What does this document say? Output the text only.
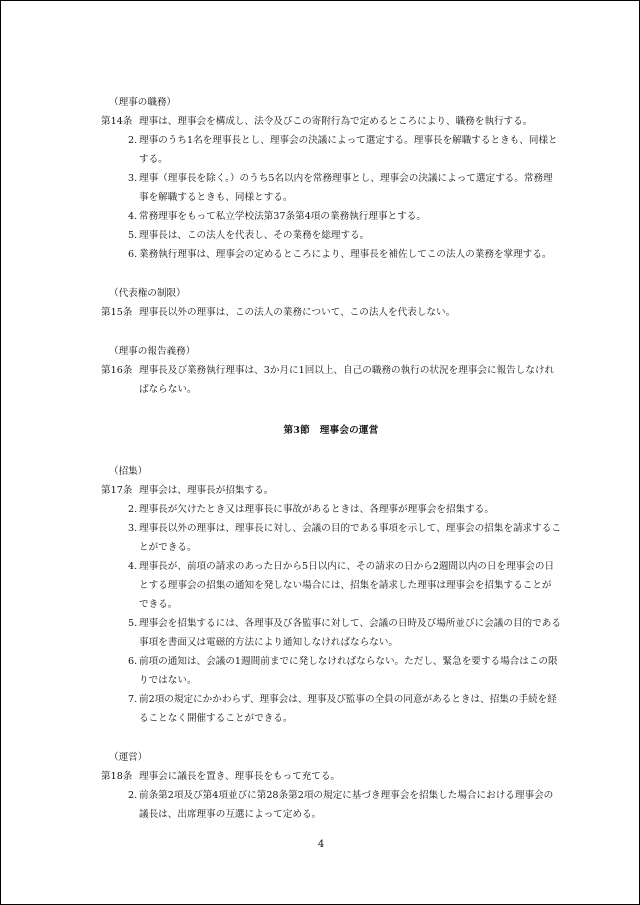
（理事の職務）
第14条 理事は、理事会を構成し、法令及びこの寄附行為で定めるところにより、職務を執行する。
2. 理事のうち1名を理事長とし、理事会の決議によって選定する。理事長を解職するときも、同様とする。
3. 理事（理事長を除く。）のうち5名以内を常務理事とし、理事会の決議によって選定する。常務理事を解職するときも、同様とする。
4. 常務理事をもって私立学校法第37条第4項の業務執行理事とする。
5. 理事長は、この法人を代表し、その業務を総理する。
6. 業務執行理事は、理事会の定めるところにより、理事長を補佐してこの法人の業務を掌理する。
（代表権の制限）
第15条 理事長以外の理事は、この法人の業務について、この法人を代表しない。
（理事の報告義務）
第16条 理事長及び業務執行理事は、3か月に1回以上、自己の職務の執行の状況を理事会に報告しなければならない。
第3節　理事会の運営
（招集）
第17条 理事会は、理事長が招集する。
2. 理事長が欠けたとき又は理事長に事故があるときは、各理事が理事会を招集する。
3. 理事長以外の理事は、理事長に対し、会議の目的である事項を示して、理事会の招集を請求することができる。
4. 理事長が、前項の請求のあった日から5日以内に、その請求の日から2週間以内の日を理事会の日とする理事会の招集の通知を発しない場合には、招集を請求した理事は理事会を招集することができる。
5. 理事会を招集するには、各理事及び各監事に対して、会議の日時及び場所並びに会議の目的である事項を書面又は電磁的方法により通知しなければならない。
6. 前項の通知は、会議の1週間前までに発しなければならない。ただし、緊急を要する場合はこの限りではない。
7. 前2項の規定にかかわらず、理事会は、理事及び監事の全員の同意があるときは、招集の手続を経ることなく開催することができる。
（運営）
第18条 理事会に議長を置き、理事長をもって充てる。
2. 前条第2項及び第4項並びに第28条第2項の規定に基づき理事会を招集した場合における理事会の議長は、出席理事の互選によって定める。
4
